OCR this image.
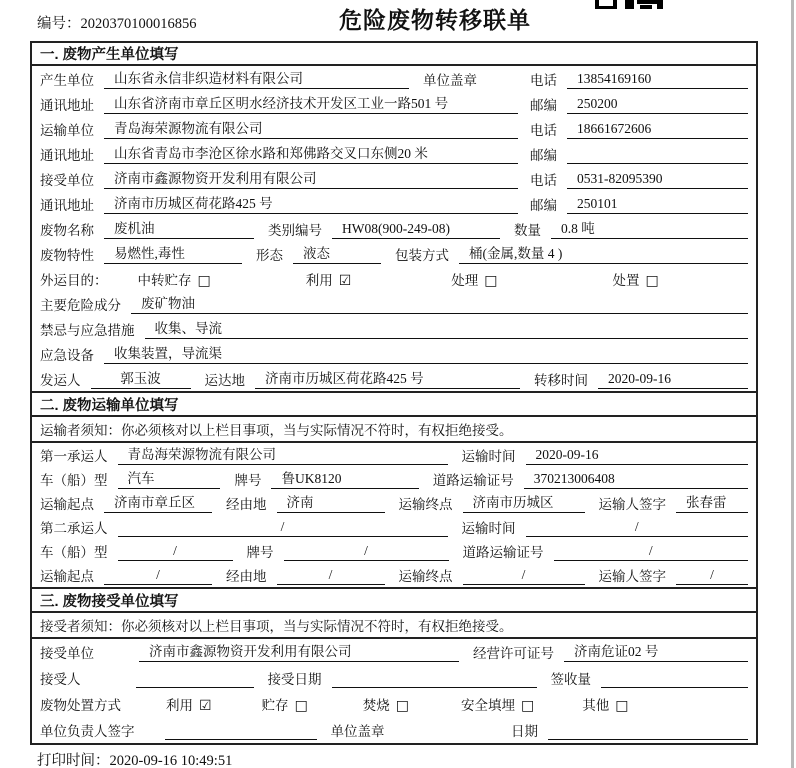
编号：2020370100016856	危险废物转移联单
一. 废物产生单位填写
产生单位	山东省永信非织造材料有限公司	单位盖章	电话	13854169160
通讯地址	山东省济南市章丘区明水经济技术开发区工业一路501 号	邮编	250200
运输单位	青岛海荣源物流有限公司	电话	18661672606
通讯地址	山东省青岛市李沧区徐水路和郑佛路交叉口东侧20 米	邮编
接受单位	济南市鑫源物资开发利用有限公司	电话	0531-82095390
通讯地址	济南市历城区荷花路425 号	邮编	250101
废物名称	废机油	类别编号	HW08(900-249-08)	数量	0.8 吨
废物特性	易燃性,毒性	形态	液态	包装方式	桶(金属,数量 4 )
外运目的： 中转贮存 □	利用 ☑	处理 □	处置 □
主要危险成分	废矿物油
禁忌与应急措施	收集、导流
应急设备	收集装置，导流渠
发运人	郭玉波	运达地	济南市历城区荷花路425 号	转移时间	2020-09-16
二. 废物运输单位填写
运输者须知：你必须核对以上栏目事项，当与实际情况不符时，有权拒绝接受。
第一承运人	青岛海荣源物流有限公司	运输时间	2020-09-16
车（船）型	汽车	牌号	鲁UK8120	道路运输证号	370213006408
运输起点	济南市章丘区	经由地	济南	运输终点	济南市历城区	运输人签字	张春雷
第二承运人	/	运输时间	/
车（船）型	/	牌号	/	道路运输证号	/
运输起点	/	经由地	/	运输终点	/	运输人签字	/
三. 废物接受单位填写
接受者须知：你必须核对以上栏目事项，当与实际情况不符时，有权拒绝接受。
接受单位	济南市鑫源物资开发利用有限公司	经营许可证号	济南危证02 号
接受人	接受日期	签收量
废物处置方式	利用 ☑	贮存 □	焚烧 □	安全填埋 □	其他 □
单位负责人签字	单位盖章	日期
打印时间：2020-09-16 10:49:51
